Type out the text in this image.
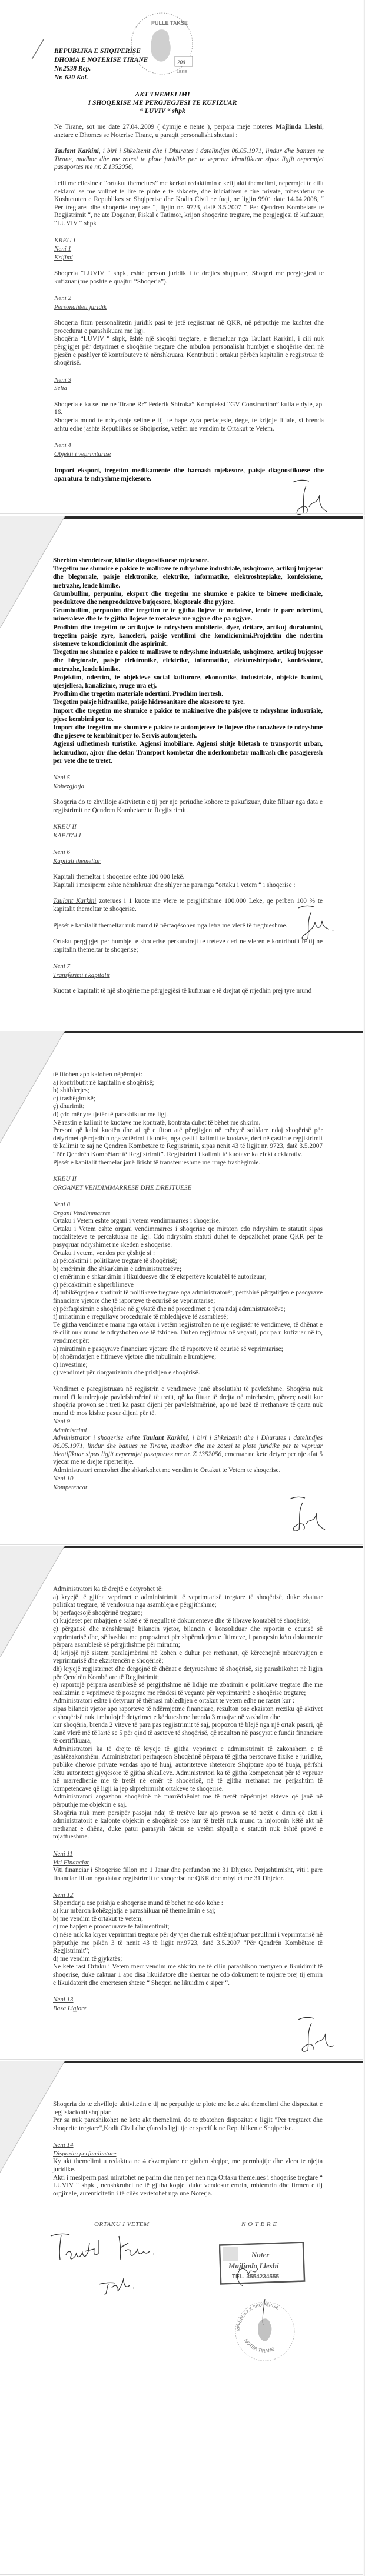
REPUBLIKA E SHQIPERISE
DHOMA E NOTERISE TIRANE
Nr.2538 Rep.
Nr. 620 Kol.
AKT THEMELIMI
I SHOQERISE ME PERGJEGJESI TE KUFIZUAR
“ LUVIV “ shpk
Ne Tirane, sot me date 27.04..2009 ( dymije e nente ), perpara meje noteres Majlinda Lleshi, anetare e Dhomes se Noterise Tirane, u paraqit personalisht shtetasi :
Taulant Karkini, i biri i Shkelzenit dhe i Dhurates i datelindjes 06.05.1971, lindur dhe banues ne Tirane, madhor dhe me zotesi te plote juridike per te vepruar identifikuar sipas ligjit nepermjet pasaportes me nr. Z 1352056,
i cili me cilesine e “ortakut themelues” me kerkoi redaktimin e ketij akti themelimi, nepermjet te cilit deklaroi se me vullnet te lire te plote e te shkqete, dhe iniciativen e tire private, mbeshtetur ne Kushtetuten e Republikes se Shqiperise dhe Kodin Civil ne fuqi, ne ligjin 9901 date 14.04.2008, “ Per tregtaret dhe shoqerite tregtare “, ligjin nr. 9723, datë 3.5.2007 “ Per Qendren Kombetare te Regjistrimit “, ne ate Doganor, Fiskal e Tatimor, krijon shoqerine tregtare, me pergjegjesi të kufizuar, “LUVIV “ shpk
KREU I
Neni 1
Krijimi
Shoqeria “LUVIV “ shpk, eshte person juridik i te drejtes shqiptare, Shoqeri me pergjegjesi te kufizuar (me poshte e quajtur “Shoqeria”).
Neni 2
Personaliteti juridik
Shoqeria fiton personalitetin juridik pasi të jetë regjistruar në QKR, në përputhje me kushtet dhe procedurat e parashikuara me ligj.
Shoqëria “LUVIV “ shpk, është një shoqëri tregtare, e themeluar nga Taulant Karkini, i cili nuk përgjigjet për detyrimet e shoqërisë tregtare dhe mbulon personalisht humbjet e shoqërise deri në pjesën e pashlyer të kontributeve të nënshkruara. Kontributi i ortakut përbën kapitalin e regjistruar të shoqërisë.
Neni 3
Selia
Shoqeria e ka seline ne Tirane Rr” Federik Shiroka” Kompleksi “GV Construction” kulla e dyte, ap. 16.
Shoqeria mund te ndryshoje seline e tij, te hape zyra perfaqesie, dege, te krijoje filiale, si brenda ashtu edhe jashte Republikes se Shqiperise, vetëm me vendim te Ortakut te Vetem.
Neni 4
Objekti i veprimtarise
Import eksport, tregetim medikamente dhe barnash mjekesore, paisje diagnostikuese dhe aparatura te ndryshme mjekesore.
PULLE TAKSE
200
LEKE
Sherbim shendetesor, klinike diagnostikuese mjekesore.
Tregetim me shumice e pakice te mallrave te ndryshme industriale, ushqimore, artikuj bujqesor dhe blegtorale, paisje elektronike, elektrike, informatike, elektroshtepiake, konfeksione, metrazhe, lende kimike.
Grumbullim, perpunim, eksport dhe tregetim me shumice e pakice te bimeve medicinale, produkteve dhe nenprodukteve bujqesore, blegtorale dhe pyjore.
Grumbullim, perpunim dhe tregetim te te gjitha llojeve te metaleve, lende te pare ndertimi, mineraleve dhe te te gjitha llojeve te metaleve me ngjyre dhe pa ngjyre.
Prodhim dhe tregetim te artikujve te ndryshem mobilerie, dyer, dritare, artikuj duralumini, tregetim paisje zyre, kanceleri, paisje ventilimi dhe kondicionimi.Projektim dhe ndertim sistemeve te kondicionimit dhe aspirimit.
Tregetim me shumice e pakice te mallrave te ndryshme industriale, ushqimore, artikuj bujqesor dhe blegtorale, paisje elektronike, elektrike, informatike, elektroshtepiake, konfeksione, metrazhe, lende kimike.
Projektim, ndertim, te objekteve social kulturore, ekonomike, industriale, objekte banimi, ujesjellesa, kanalizime, rruge ura etj.
Prodhim dhe tregetim materiale ndertimi. Prodhim inertesh.
Tregetim paisje hidraulike, paisje hidrosanitare dhe aksesore te tyre.
Import dhe tregetim me shumice e pakice te makinerive dhe paisjeve te ndryshme industriale, pjese kembimi per to.
Import dhe tregetim me shumice e pakice te automjeteve te llojeve dhe tonazheve te ndryshme dhe pjeseve te kembimit per to. Servis automjetesh.
Agjensi udhetimesh turistike. Agjensi imobiliare. Agjensi shitje biletash te transportit urban, hekurudhor, ajror dhe detar. Transport kombetar dhe nderkombetar mallrash dhe pasagjeresh per vete dhe te tretet.
Neni 5
Kohezgjatja
Shoqeria do te zhvilloje aktivitetin e tij per nje periudhe kohore te pakufizuar, duke filluar nga data e regjistrimit ne Qendren Kombetare te Regjistrimit.
KREU II
KAPITALI
Neni 6
Kapitali themeltar
Kapitali themeltar i shoqerise eshte 100 000 lekë.
Kapitali i mesiperm eshte nënshkruar dhe shlyer ne para nga “ortaku i vetem “ i shoqerise :
Taulant Karkini zoterues i 1 kuote me vlere te pergjithshme 100.000 Leke, qe perben 100 % te kapitalit themeltar te shoqerise.
Pjesët e kapitalit themeltar nuk mund të përfaqësohen nga letra me vlerë të tregtueshme.
Ortaku pergjigjet per humbjet e shoqerise perkundrejt te treteve deri ne vleren e kontributit te tij ne kapitalin themeltar te shoqerise;
Neni 7
Transferimi i kapitalit
Kuotat e kapitalit të një shoqërie me përgjegjësi të kufizuar e të drejtat që rrjedhin prej tyre mund
të fitohen apo kalohen nëpërmjet:
a) kontributit në kapitalin e shoqërisë;
b) shitblerjes;
c) trashëgimisë;
ç) dhurimit;
d) çdo mënyre tjetër të parashikuar me ligj.
Në rastin e kalimit te kuotave me kontratë, kontrata duhet të bëhet me shkrim.
Personi që kaloi kuotën dhe ai që e fiton atë përgjigjen në mënyrë solidare ndaj shoqërisë për detyrimet që rrjedhin nga zotërimi i kuotës, nga çasti i kalimit të kuotave, deri në çastin e regjistrimit të kalimit te saj ne Qendren Kombetare te Regjistrimit, sipas nenit 43 të ligjit nr. 9723, datë 3.5.2007 “Për Qendrën Kombëtare të Regjistrimit”. Regjistrimi i kalimit të kuotave ka efekt deklarativ.
Pjesët e kapitalit themelar janë lirisht të transferueshme me rrugë trashëgimie.
KREU II
ORGANET VENDIMMARRESE DHE DREJTUESE
Neni 8
Organi Vendimmarres
Ortaku i Vetem eshte organi i vetem vendimmarres i shoqerise.
Ortaku i Vetem eshte organi vendimmarres i shoqerise qe miraton cdo ndryshim te statutit sipas modaliteteve te percaktuara ne ligj. Cdo ndryshim statuti duhet te depozitohet prane QKR per te pasyqruar ndryshimet ne skeden e shoqerise.
Ortaku i vetem, vendos për çështje si :
a) përcaktimi i politikave tregtare të shoqërisë;
b) emërimin dhe shkarkimin e administratorëve;
c) emërimin e shkarkimin i likuiduesve dhe të ekspertëve kontabël të autorizuar;
ç) përcaktimin e shpërblimeve
d) mbikëqyrjen e zbatimit të politikave tregtare nga administratorët, përfshirë përgatitjen e pasqyrave financiare vjetore dhe të raporteve të ecurisë se veprimtarise;
e) përfaqësimin e shoqërisë në gjykatë dhe në procedimet e tjera ndaj administratorëve;
f) miratimin e rregullave procedurale të mbledhjeve të asamblesë;
Të gjitha vendimet e marra nga ortaku i vetëm regjistrohen në një regjistër të vendimeve, të dhënat e të cilit nuk mund te ndryshohen ose të fshihen. Duhen regjistruar në veçanti, por pa u kufizuar në to, vendimet për:
a) miratimin e pasqyrave financiare vjetore dhe të raporteve të ecurisë së veprimtarise;
b) shpërndarjen e fitimeve vjetore dhe mbulimin e humbjeve;
c) investime;
ç) vendimet për riorganizimin dhe prishjen e shoqërisë.
Vendimet e paregjistruara në regjistrin e vendimeve janë absolutisht të pavlefshme. Shoqëria nuk mund t'i kundrejtoje pavlefshmërinë të tretit, që ka fituar të drejta në mirëbesim, përveç rastit kur shoqëria provon se i treti ka pasur dijeni për pavlefshmërinë, apo në bazë të rrethanave të qarta nuk mund të mos kishte pasur dijeni për të.
Neni 9
Administrimi
Administrator i shoqerise eshte Taulant Karkini, i biri i Shkelzenit dhe i Dhurates i datelindjes 06.05.1971, lindur dhe banues ne Tirane, madhor dhe me zotesi te plote juridike per te vepruar identifikuar sipas ligjit nepermjet pasaportes me nr. Z 1352056, emeruar ne kete detyre per nje afat 5 vjecar me te drejte riperteritje.
Administratori emerohet dhe shkarkohet me vendim te Ortakut te Vetem te shoqerise.
Neni 10
Kompetencat
Administratori ka të drejtë e detyrohet të:
a) kryejë të gjitha veprimet e administrimit të veprimtarisë tregtare të shoqërisë, duke zbatuar politikat tregtare, të vendosura nga asambleja e përgjithshme;
b) perfaqesojë shoqërinë tregtare;
c) kujdeset për mbajtjen e saktë e të rregullt të dokumenteve dhe të librave kontabël të shoqërisë;
ç) përgatisë dhe nënshkruajë bilancin vjetor, bilancin e konsoliduar dhe raportin e ecurisë së veprimtarisë dhe, së bashku me propozimet për shpërndarjen e fitimeve, i paraqesin këto dokumente përpara asamblesë së përgjithshme për miratim;
d) krijojë një sistem paralajmërimi në kohën e duhur për rrethanat, që kërcënojnë mbarëvajtjen e veprimtarisë dhe ekzistencën e shoqërisë;
dh) kryejë regjistrimet dhe dërgojnë të dhënat e detyrueshme të shoqërisë, siç parashikohet në ligjin për Qendrën Kombëtare të Regjistrimit;
e) raportojë përpara asamblesë së përgjithshme në lidhje me zbatimin e politikave tregtare dhe me realizimin e veprimeve të posaçme me rëndësi të veçantë për veprimtarinë e shoqërisë tregtare;
Administratori eshte i detyruar të thërrasi mbledhjen e ortakut te vetem edhe ne rastet kur :
sipas bilancit vjetor apo raporteve të ndërmjetme financiare, rezulton ose ekziston rreziku që aktivet e shoqërisë nuk i mbulojnë detyrimet e kërkueshme brenda 3 muajve në vazhdim dhe
kur shoqëria, brenda 2 viteve të para pas regjistrimit të saj, propozon të blejë nga një ortak pasuri, që kanë vlerë më të lartë se 5 për qind të aseteve të shoqërisë, që rezulton në pasqyrat e fundit financiare të certifikuara,
Administratori ka të drejte të kryeje të gjitha veprimet e administrimit të zakonshem e të jashtëzakonshëm. Administratori perfaqeson Shoqërinë përpara të gjitha personave fizike e juridike, publike dhe/ose private vendas apo të huaj, autoriteteve shtetërore Shqiptare apo të huaja, përfshi këtu autoritetet gjyqësore të gjitha shkalleve. Administratori ka të gjitha kompetencat për të vepruar në marrëdhenie me të tretët në emër të shoqërisë, në të gjitha rrethanat me përjashtim të kompetencave që ligji ia jep shprehimisht ortakeve te shoqerise.
Administratori angazhon shoqërinë në marrëdhëniet me të tretët nëpërmjet akteve që janë në përputhje me objektin e saj.
Shoqëria nuk merr persipër pasojat ndaj të tretëve kur ajo provon se të tretët e dinin që akti i administratorit e kalonte objektin e shoqërisë ose kur të tretët nuk mund ta injoronin këtë akt në rrethanat e dhëna, duke patur parasysh faktin se vetëm shpallja e statutit nuk është provë e mjaftueshme.
Neni 11
Viti Financiar
Viti financiar i Shoqerise fillon me 1 Janar dhe perfundon me 31 Dhjetor. Perjashtimisht, viti i pare financiar fillon nga data e regjistrimit te shoqerise ne QKR dhe mbyllet me 31 Dhjetor.
Neni 12
Shpemdarja ose prishja e shoqerise mund të behet ne cdo kohe :
a) kur mbaron kohëzgjatja e parashikuar në themelimin e saj;
b) me vendim të ortakut te vetem;
c) me hapjen e procedurave te falimentimit;
ç) nëse nuk ka kryer veprimtari tregtare për dy vjet dhe nuk është njoftuar pezullimi i veprimtarisë në përputhje me pikën 3 të nenit 43 të ligjit nr.9723, datë 3.5.2007 “Për Qendrën Kombëtare të Regjistrimit”;
d) me vendim të gjykatës;
Ne kete rast Ortaku i Vetem merr vendim me shkrim ne të cilin parashikon menyren e likuidimit të shoqerise, duke caktuar 1 apo disa likuidatore dhe shenuar ne cdo dokument të nxjerre prej tij emrin e likuidatorit dhe emertesen shtese “ Shoqeri ne likuidim e siper “.
Neni 13
Baza Ligjore
Shoqeria do te zhvilloje aktivitetin e tij ne perputhje te plote me kete akt themelimi dhe dispozitat e legjislacionit shqiptar.
Per sa nuk parashikohet ne kete akt themelimi, do te zbatohen dispozitat e ligjit "Per tregtaret dhe shoqerite tregtare",Kodit Civil dhe çfaredo ligji tjeter specifik ne Republiken e Shqiperise.
Neni 14
Dispozita perfundimtare
Ky akt themelimi u redaktua ne 4 ekzemplare ne gjuhen shqipe, me permbajtje dhe vlera te njejta juridike.
Akti i mesiperm pasi miratohet ne parim dhe nen per nen nga Ortaku themelues i shoqerise tregtare “ LUVIV “ shpk , nenshkruhet ne të gjitha kopjet duke vendosur emrin, mbiemrin dhe firmen e tij orgjinale, autenticitetin i të cilës vertetohet nga une Noterja.
ORTAKU I VETEM	N O T E R E
Noter
Majlinda Lleshi
TEL. 3554234555
REPUBLIKA E SHQIPERISE
NOTER TIRANE
